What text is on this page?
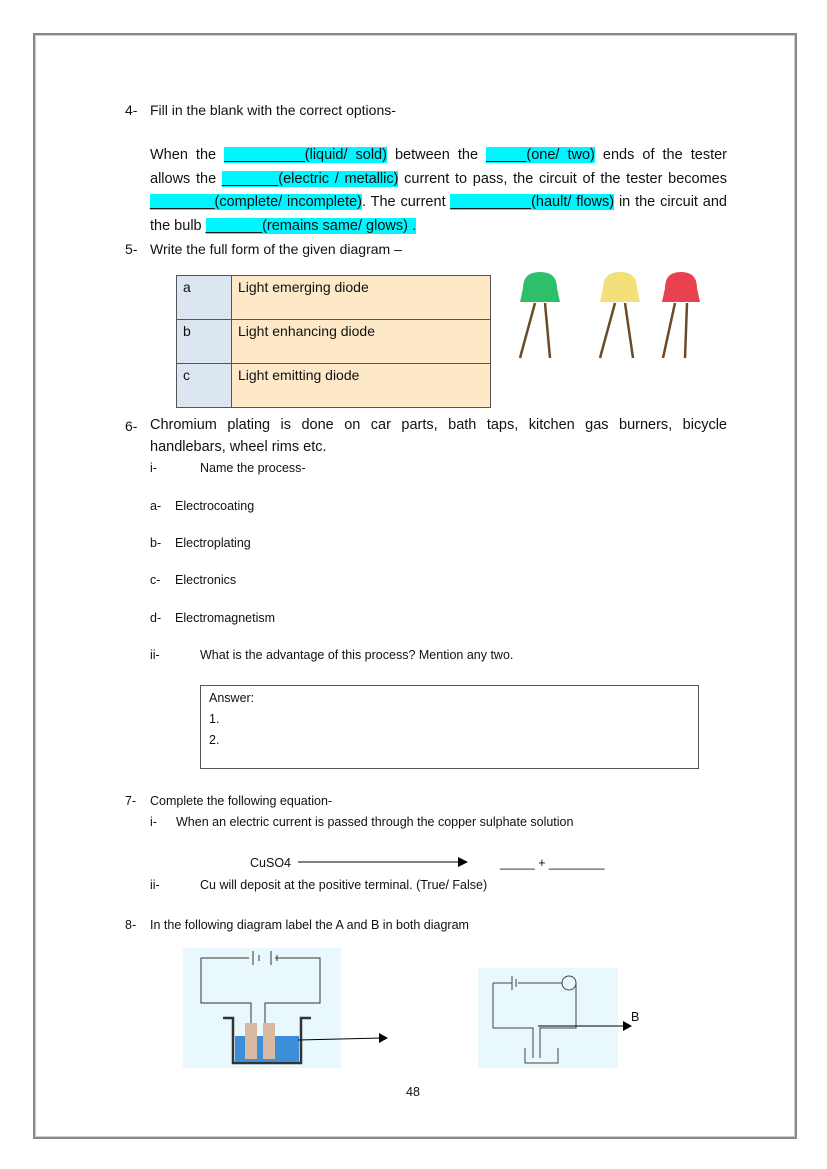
4- Fill in the blank with the correct options-
When the __________(liquid/ sold) between the _____(one/ two) ends of the tester allows the _______(electric / metallic) current to pass, the circuit of the tester becomes ________(complete/ incomplete). The current __________(hault/ flows) in the circuit and the bulb _______(remains same/ glows) .
5- Write the full form of the given diagram –
a	Light emerging diode
b	Light enhancing diode
c	Light emitting diode
6- Chromium plating is done on car parts, bath taps, kitchen gas burners, bicycle handlebars, wheel rims etc.
i-	Name the process-
a- Electrocoating
b- Electroplating
c- Electronics
d- Electromagnetism
ii-	What is the advantage of this process? Mention any two.
Answer:
1.
2.
7- Complete the following equation-
i- When an electric current is passed through the copper sulphate solution
CuSO4	_____ + ________
ii-	Cu will deposit at the positive terminal. (True/ False)
8- In the following diagram label the A and B in both diagram
B
48
